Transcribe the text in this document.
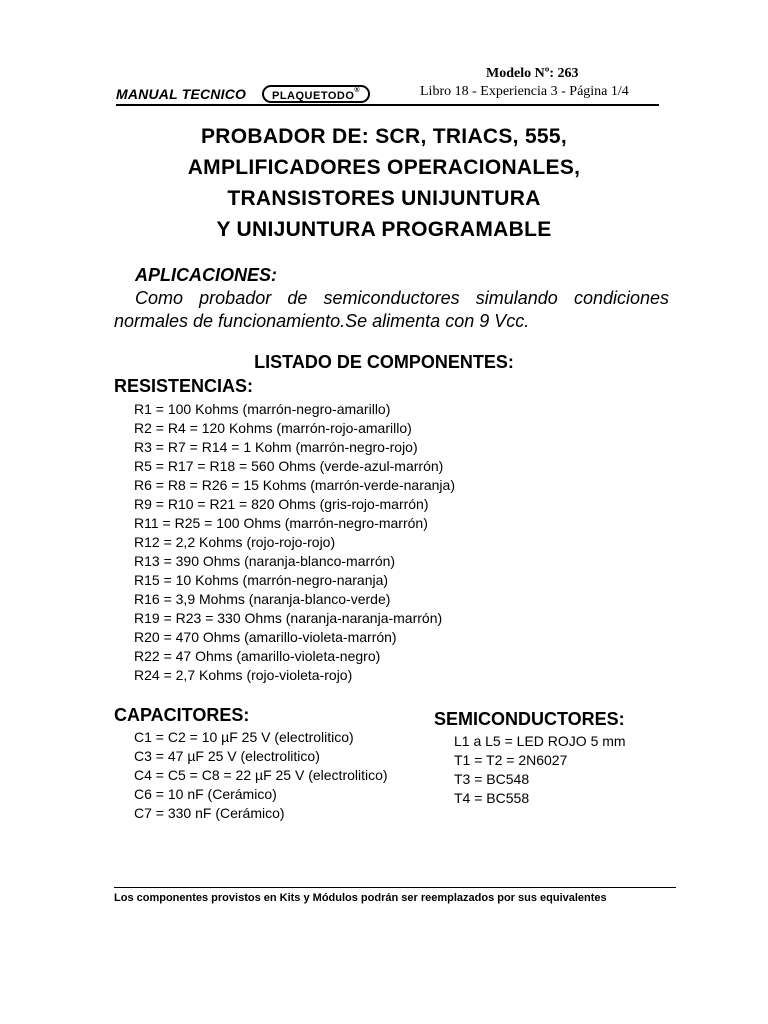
Modelo Nº: 263
MANUAL TECNICO	PLAQUETODO®	Libro 18 - Experiencia 3 - Página 1/4
PROBADOR DE: SCR, TRIACS, 555,
AMPLIFICADORES OPERACIONALES,
TRANSISTORES UNIJUNTURA
Y UNIJUNTURA PROGRAMABLE
APLICACIONES:
Como probador de semiconductores simulando condiciones
normales de funcionamiento.Se alimenta con 9 Vcc.
LISTADO DE COMPONENTES:
RESISTENCIAS:
R1 = 100 Kohms (marrón-negro-amarillo)
R2 = R4 = 120 Kohms (marrón-rojo-amarillo)
R3 = R7 = R14 = 1 Kohm (marrón-negro-rojo)
R5 = R17 = R18 = 560 Ohms (verde-azul-marrón)
R6 = R8 = R26 = 15 Kohms (marrón-verde-naranja)
R9 = R10 = R21 = 820 Ohms (gris-rojo-marrón)
R11 = R25 = 100 Ohms (marrón-negro-marrón)
R12 = 2,2 Kohms (rojo-rojo-rojo)
R13 = 390 Ohms (naranja-blanco-marrón)
R15 = 10 Kohms (marrón-negro-naranja)
R16 = 3,9 Mohms (naranja-blanco-verde)
R19 = R23 = 330 Ohms (naranja-naranja-marrón)
R20 = 470 Ohms (amarillo-violeta-marrón)
R22 = 47 Ohms (amarillo-violeta-negro)
R24 = 2,7 Kohms (rojo-violeta-rojo)
CAPACITORES:
C1 = C2 = 10 µF 25 V (electrolitico)
C3 = 47 µF 25 V (electrolitico)
C4 = C5 = C8 = 22 µF 25 V (electrolitico)
C6 = 10 nF (Cerámico)
C7 = 330 nF (Cerámico)
SEMICONDUCTORES:
L1 a L5 = LED ROJO 5 mm
T1 = T2 = 2N6027
T3 = BC548
T4 = BC558
Los componentes provistos en Kits y Módulos podrán ser reemplazados por sus equivalentes
